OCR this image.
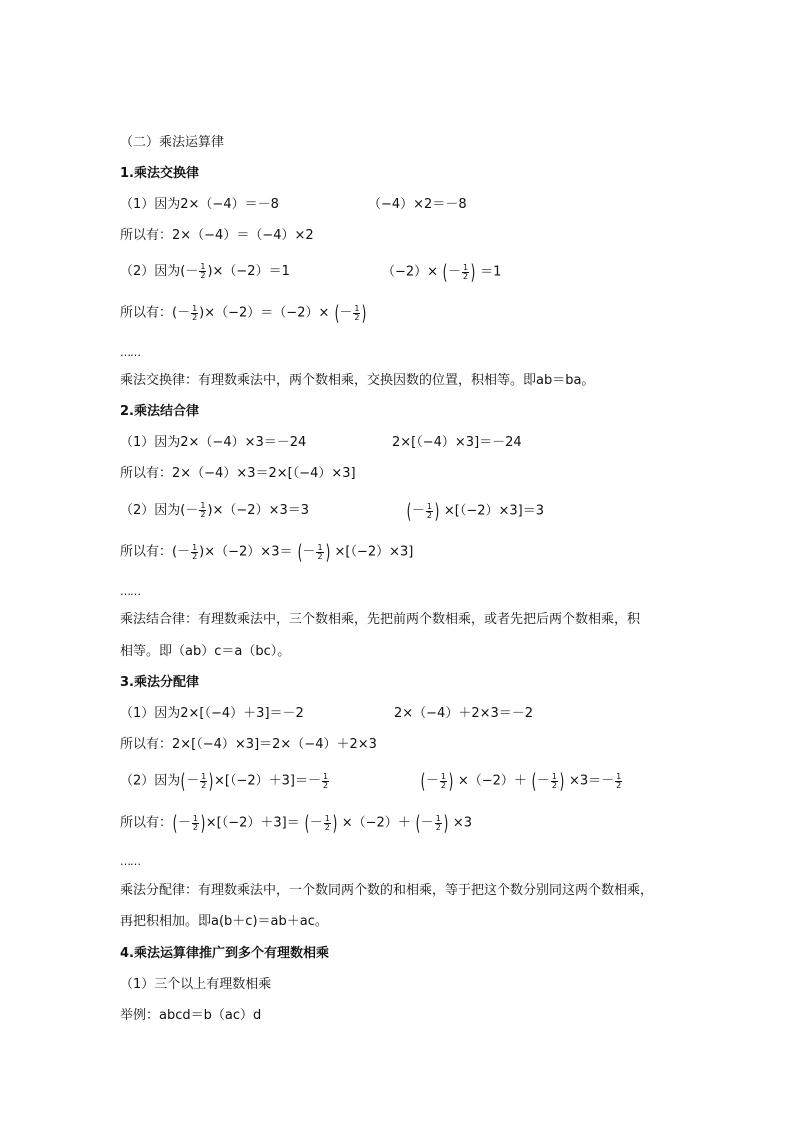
（二）乘法运算律
1.乘法交换律
（1）因为2×（−4）＝－8	（−4）×2＝－8
所以有：2×（−4）＝（−4）×2
（2）因为(－ $\frac{1}{2} )\times(-2)=1$	（−2）× (－ $\frac{1}{2}$ ) ＝1
所以有：(－ $\frac{1}{2} )\times(-2)=(-2)\times$ (－ $\frac{1}{2}$ )
……
乘法交换律：有理数乘法中，两个数相乘，交换因数的位置，积相等。即ab＝ba。
2.乘法结合律
（1）因为2×（−4）×3＝－24	2×[（−4）×3]＝－24
所以有：2×（−4）×3＝2×[（−4）×3]
（2）因为(－ $\frac{1}{2} )\times(-2)\times 3=3$	(－ $\frac{1}{2}$ ) ×[（−2）×3]＝3
所以有：(－ $\frac{1}{2} )\times(-2)\times 3=$ (－ $\frac{1}{2}$ ) ×[（−2）×3]
……
乘法结合律：有理数乘法中，三个数相乘，先把前两个数相乘，或者先把后两个数相乘，积
相等。即（ab）c＝a（bc）。
3.乘法分配律
（1）因为2×[（−4）＋3]＝－2	2×（−4）＋2×3＝－2
所以有：2×[（−4）×3]＝2×（−4）＋2×3
（2）因为(－ $\frac{1}{2} )\times[(-2)+3]=- \frac{1}{2}$	(－ $\frac{1}{2}$ ) ×（−2）＋ (－ $\frac{1}{2}$ ) $\times 3=- \frac{1}{2}$
所以有：(－ $\frac{1}{2} )\times[(-2)+3]=$ (－ $\frac{1}{2}$ ) ×（−2）＋ (－ $\frac{1}{2}$ ) ×3
……
乘法分配律：有理数乘法中，一个数同两个数的和相乘，等于把这个数分别同这两个数相乘，
再把积相加。即a(b＋c)＝ab＋ac。
4.乘法运算律推广到多个有理数相乘
（1）三个以上有理数相乘
举例：abcd＝b（ac）d
